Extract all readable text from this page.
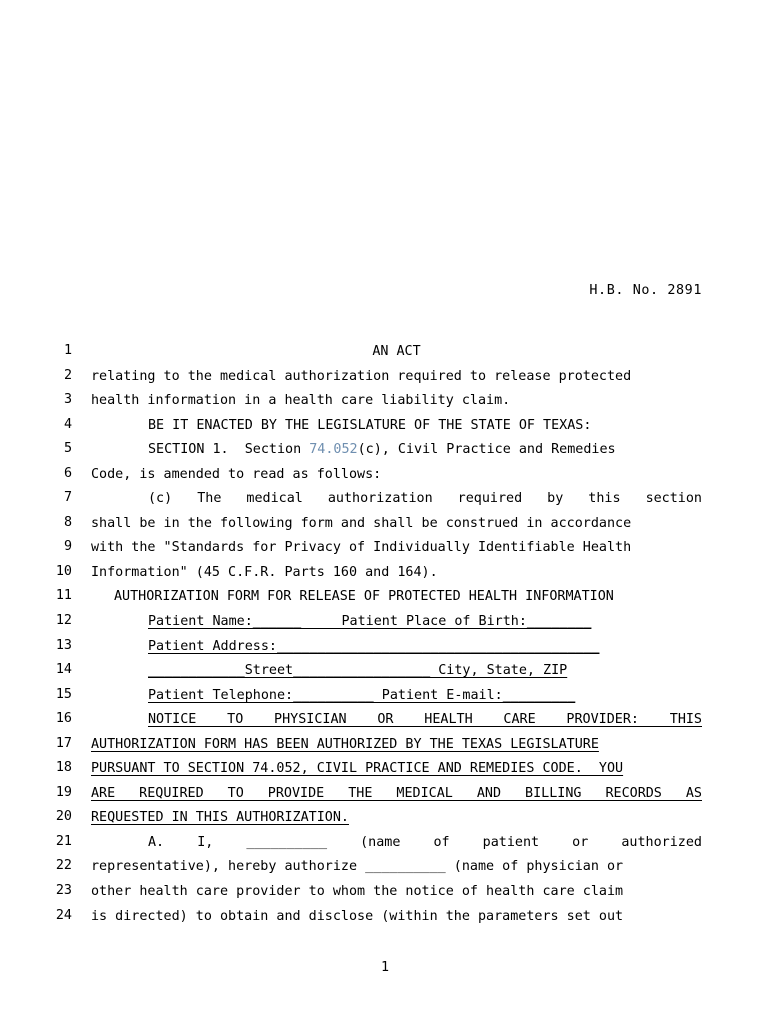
H.B. No. 2891
1	AN ACT
2 relating to the medical authorization required to release protected
3 health information in a health care liability claim.
4	BE IT ENACTED BY THE LEGISLATURE OF THE STATE OF TEXAS:
5	SECTION 1.  Section 74.052(c), Civil Practice and Remedies
6 Code, is amended to read as follows:
7	(c) The medical authorization required by this section
8 shall be in the following form and shall be construed in accordance
9 with the "Standards for Privacy of Individually Identifiable Health
10 Information" (45 C.F.R. Parts 160 and 164).
11	AUTHORIZATION FORM FOR RELEASE OF PROTECTED HEALTH INFORMATION
12	Patient Name:______     Patient Place of Birth:________
13	Patient Address:________________________________________
14	____________Street_________________ City, State, ZIP
15	Patient Telephone:__________ Patient E-mail:_________
16	NOTICE TO PHYSICIAN OR HEALTH CARE PROVIDER: THIS
17 AUTHORIZATION FORM HAS BEEN AUTHORIZED BY THE TEXAS LEGISLATURE
18 PURSUANT TO SECTION 74.052, CIVIL PRACTICE AND REMEDIES CODE.  YOU
19 ARE REQUIRED TO PROVIDE THE MEDICAL AND BILLING RECORDS AS
20 REQUESTED IN THIS AUTHORIZATION.
21	A. I, __________ (name of patient or authorized
22 representative), hereby authorize __________ (name of physician or
23 other health care provider to whom the notice of health care claim
24 is directed) to obtain and disclose (within the parameters set out
1
